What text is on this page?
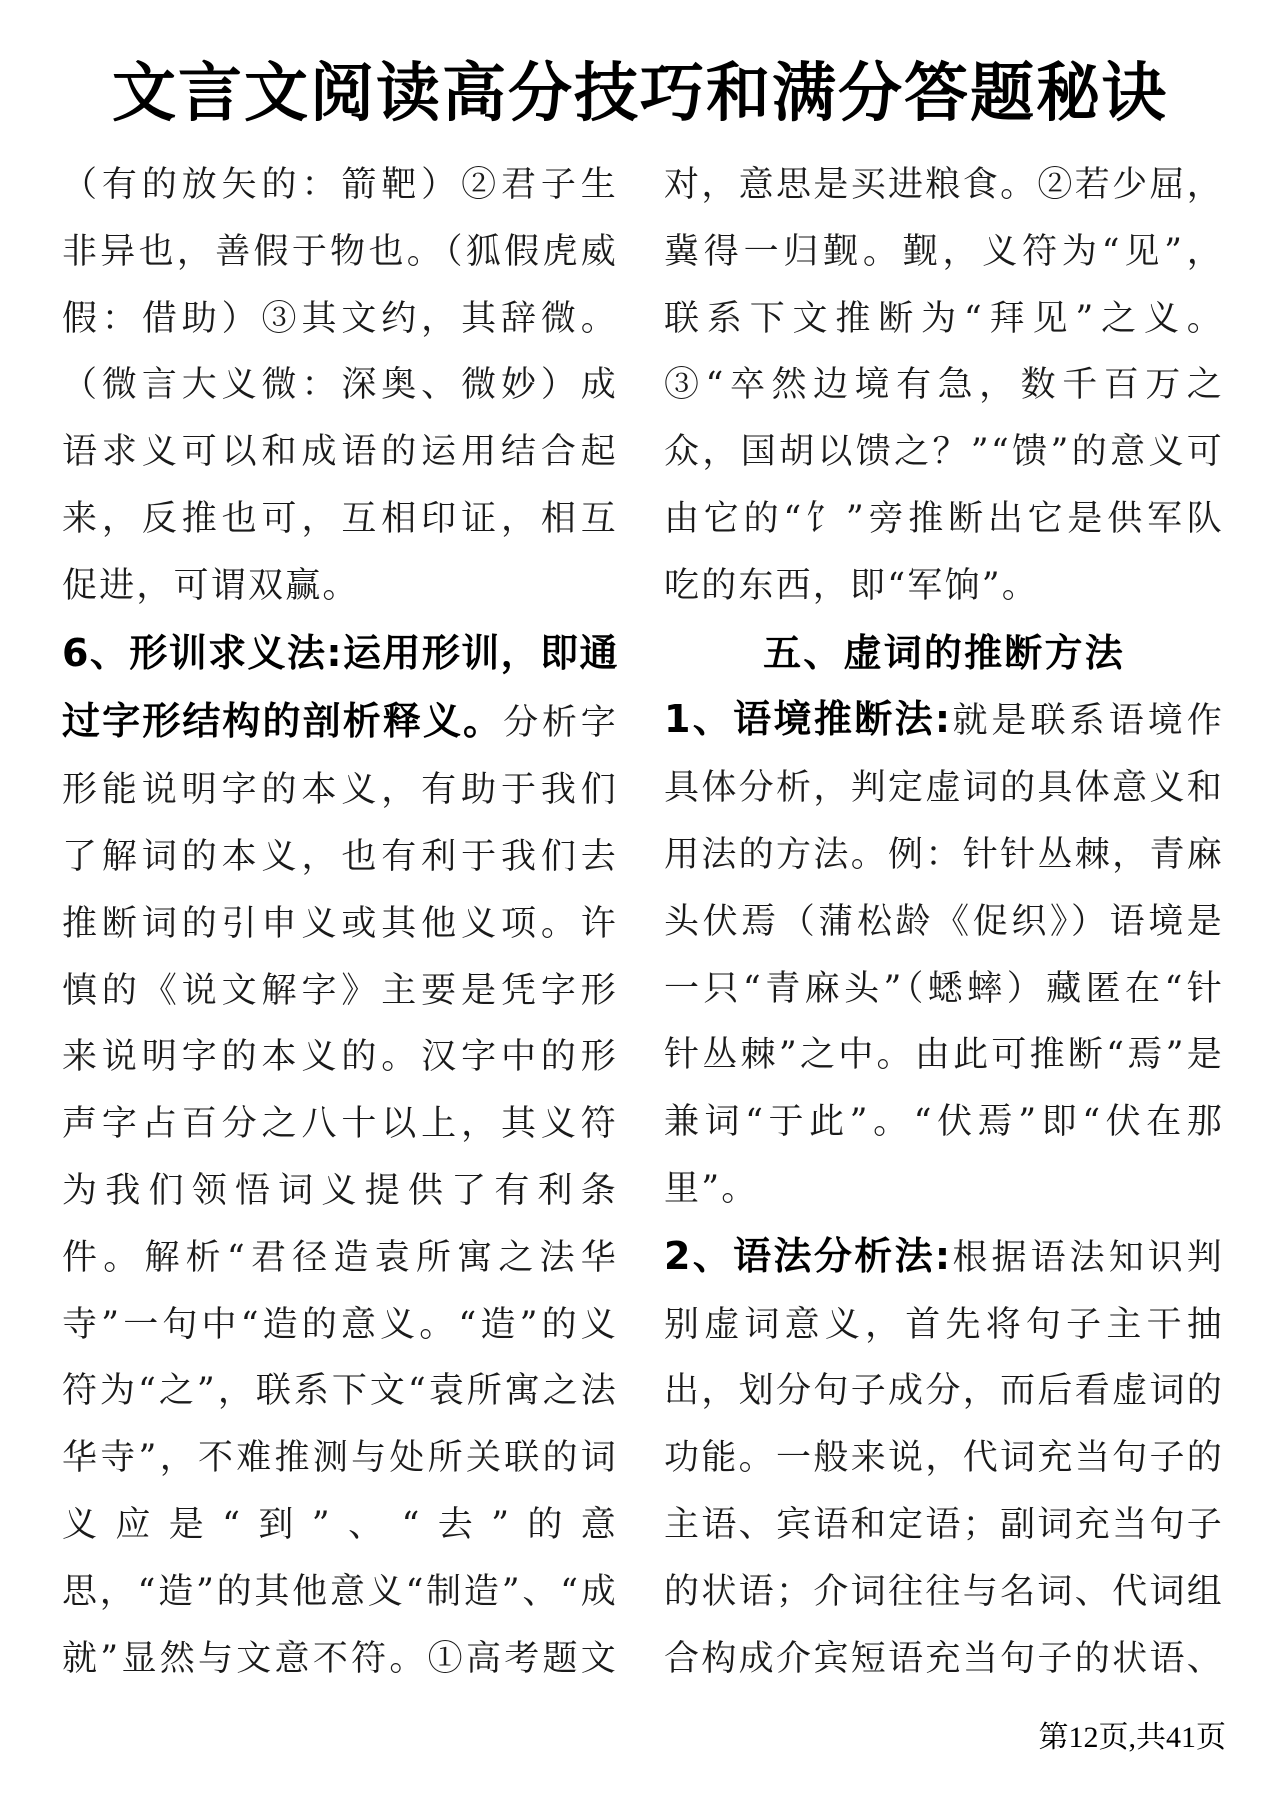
文言文阅读高分技巧和满分答题秘诀

（有的放矢的：箭靶）②君子生非异也，善假于物也。（狐假虎威假：借助）③其文约，其辞微。（微言大义微：深奥、微妙）成语求义可以和成语的运用结合起来，反推也可，互相印证，相互促进，可谓双赢。

6、形训求义法:运用形训，即通过字形结构的剖析释义。分析字形能说明字的本义，有助于我们了解词的本义，也有利于我们去推断词的引申义或其他义项。许慎的《说文解字》主要是凭字形来说明字的本义的。汉字中的形声字占百分之八十以上，其义符为我们领悟词义提供了有利条件。解析“君径造袁所寓之法华寺”一句中“造的意义。“造”的义符为“之”，联系下文“袁所寓之法华寺”，不难推测与处所关联的词义应是“到”、“去”的意思，“造”的其他意义“制造”、“成就”显然与文意不符。①高考题文

对，意思是买进粮食。②若少屈，冀得一归觐。觐，义符为“见”，联系下文推断为“拜见”之义。③“卒然边境有急，数千百万之众，国胡以馈之？”“馈”的意义可由它的“饣”旁推断出它是供军队吃的东西，即“军饷”。

五、虚词的推断方法

1、语境推断法:就是联系语境作具体分析，判定虚词的具体意义和用法的方法。例：针针丛棘，青麻头伏焉（蒲松龄《促织》）语境是一只“青麻头”（蟋蟀）藏匿在“针针丛棘”之中。由此可推断“焉”是兼词“于此”。“伏焉”即“伏在那里”。

2、语法分析法:根据语法知识判别虚词意义，首先将句子主干抽出，划分句子成分，而后看虚词的功能。一般来说，代词充当句子的主语、宾语和定语；副词充当句子的状语；介词往往与名词、代词组合构成介宾短语充当句子的状语、

第12页,共41页
